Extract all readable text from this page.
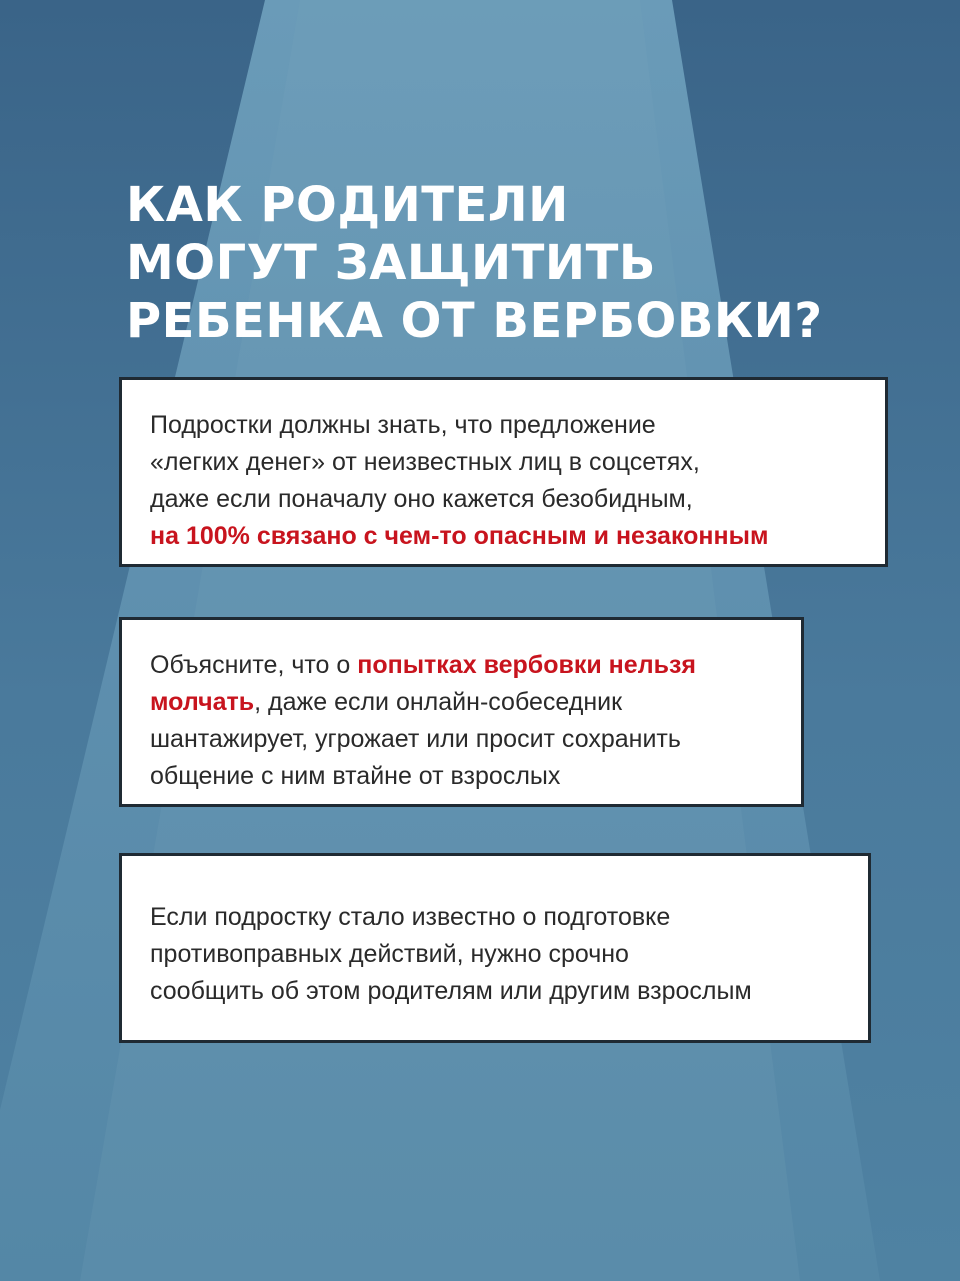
КАК РОДИТЕЛИ
МОГУТ ЗАЩИТИТЬ
РЕБЕНКА ОТ ВЕРБОВКИ?
Подростки должны знать, что предложение
«легких денег» от неизвестных лиц в соцсетях,
даже если поначалу оно кажется безобидным,
на 100% связано с чем-то опасным и незаконным
Объясните, что о попытках вербовки нельзя
молчать, даже если онлайн-собеседник
шантажирует, угрожает или просит сохранить
общение с ним втайне от взрослых
Если подростку стало известно о подготовке
противоправных действий, нужно срочно
сообщить об этом родителям или другим взрослым
